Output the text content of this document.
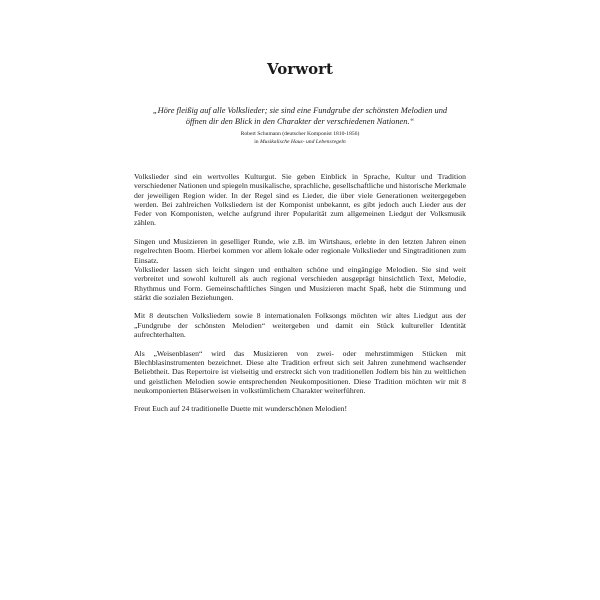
Vorwort

„Höre fleißig auf alle Volkslieder; sie sind eine Fundgrube der schönsten Melodien und öffnen dir den Blick in den Charakter der verschiedenen Nationen.“

Robert Schumann (deutscher Komponist 1810-1856)
in Musikalische Haus- und Lebensregeln

Volkslieder sind ein wertvolles Kulturgut. Sie geben Einblick in Sprache, Kultur und Tradition verschiedener Nationen und spiegeln musikalische, sprachliche, gesellschaftliche und historische Merkmale der jeweiligen Region wider. In der Regel sind es Lieder, die über viele Generationen weitergegeben werden. Bei zahlreichen Volksliedern ist der Komponist unbekannt, es gibt jedoch auch Lieder aus der Feder von Komponisten, welche aufgrund ihrer Popularität zum allgemeinen Liedgut der Volksmusik zählen.

Singen und Musizieren in geselliger Runde, wie z.B. im Wirtshaus, erlebte in den letzten Jahren einen regelrechten Boom. Hierbei kommen vor allem lokale oder regionale Volkslieder und Singtraditionen zum Einsatz.

Volkslieder lassen sich leicht singen und enthalten schöne und eingängige Melodien. Sie sind weit verbreitet und sowohl kulturell als auch regional verschieden ausgeprägt hinsichtlich Text, Melodie, Rhythmus und Form. Gemeinschaftliches Singen und Musizieren macht Spaß, hebt die Stimmung und stärkt die sozialen Beziehungen.

Mit 8 deutschen Volksliedern sowie 8 internationalen Folksongs möchten wir altes Liedgut aus der „Fundgrube der schönsten Melodien“ weitergeben und damit ein Stück kultureller Identität aufrechterhalten.

Als „Weisenblasen“ wird das Musizieren von zwei- oder mehrstimmigen Stücken mit Blechblasinstrumenten bezeichnet. Diese alte Tradition erfreut sich seit Jahren zunehmend wachsender Beliebtheit. Das Repertoire ist vielseitig und erstreckt sich von traditionellen Jodlern bis hin zu weltlichen und geistlichen Melodien sowie entsprechenden Neukompositionen. Diese Tradition möchten wir mit 8 neukomponierten Bläserweisen in volkstümlichem Charakter weiterführen.

Freut Euch auf 24 traditionelle Duette mit wunderschönen Melodien!
